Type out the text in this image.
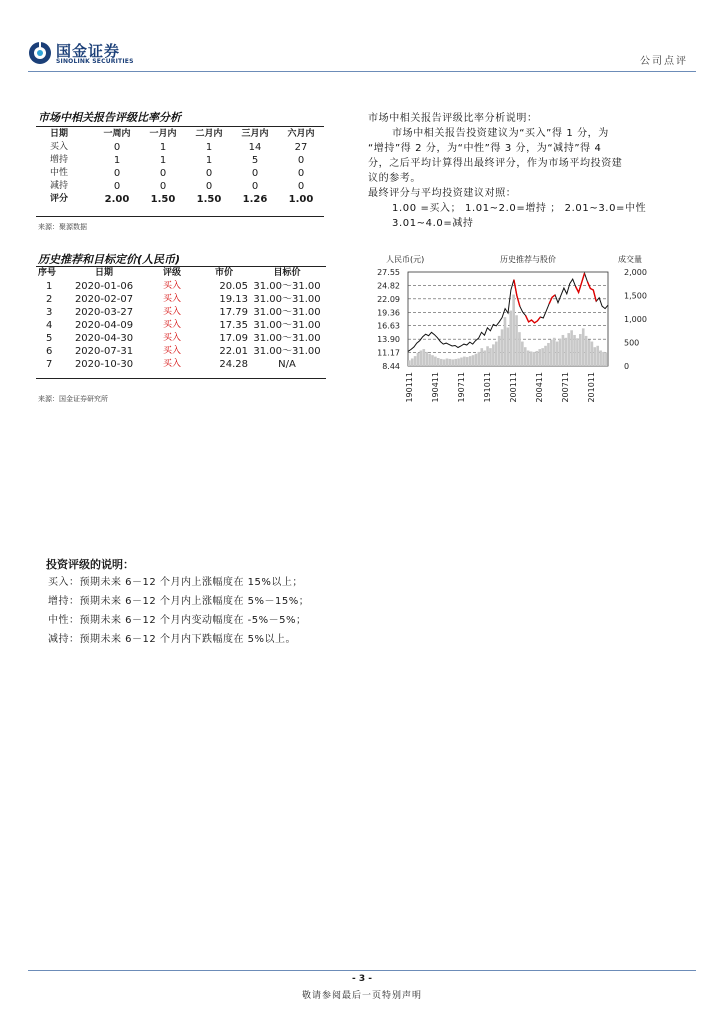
国金证券
SINOLINK SECURITIES	公司点评
市场中相关报告评级比率分析
日期	一周内	一月内	二月内	三月内	六月内
买入	0	1	1	14	27
增持	1	1	1	5	0
中性	0	0	0	0	0
减持	0	0	0	0	0
评分	2.00	1.50	1.50	1.26	1.00
来源：聚源数据
市场中相关报告评级比率分析说明：
市场中相关报告投资建议为“买入”得 1 分，为
“增持”得 2 分，为“中性”得 3 分，为“减持”得 4
分，之后平均计算得出最终评分，作为市场平均投资建
议的参考。
最终评分与平均投资建议对照：
1.00 =买入； 1.01~2.0=增持 ； 2.01~3.0=中性
3.01~4.0=减持
历史推荐和目标定价(人民币)
序号	日期	评级	市价	目标价
1	2020-01-06	买入	20.05	31.00～31.00
2	2020-02-07	买入	19.13	31.00～31.00
3	2020-03-27	买入	17.79	31.00～31.00
4	2020-04-09	买入	17.35	31.00～31.00
5	2020-04-30	买入	17.09	31.00～31.00
6	2020-07-31	买入	22.01	31.00～31.00
7	2020-10-30	买入	24.28	N/A
来源：国金证券研究所
27.55
24.82
22.09
19.36
16.63
13.90
11.17
8.44
2,000
1,500
1,000
500
0
190111 190411 190711 191011 200111 200411 200711 201011
历史推荐与股价
人民币(元)	成交量
投资评级的说明：
买入：预期未来 6－12 个月内上涨幅度在 15%以上；
增持：预期未来 6－12 个月内上涨幅度在 5%－15%；
中性：预期未来 6－12 个月内变动幅度在 -5%－5%；
减持：预期未来 6－12 个月内下跌幅度在 5%以上。
- 3 -
敬请参阅最后一页特别声明
